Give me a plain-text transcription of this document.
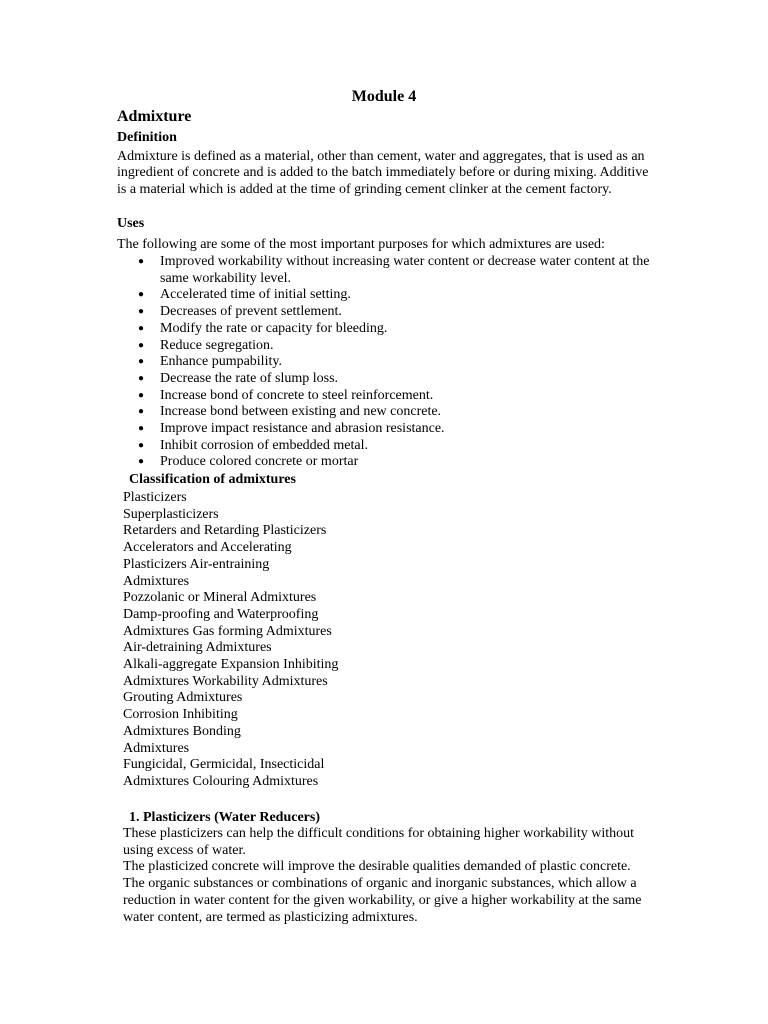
Module 4
Admixture
Definition

Admixture is defined as a material, other than cement, water and aggregates, that is used as an ingredient of concrete and is added to the batch immediately before or during mixing. Additive is a material which is added at the time of grinding cement clinker at the cement factory.

Uses

The following are some of the most important purposes for which admixtures are used:

● Improved workability without increasing water content or decrease water content at the same workability level.
● Accelerated time of initial setting.
● Decreases of prevent settlement.
● Modify the rate or capacity for bleeding.
● Reduce segregation.
● Enhance pumpability.
● Decrease the rate of slump loss.
● Increase bond of concrete to steel reinforcement.
● Increase bond between existing and new concrete.
● Improve impact resistance and abrasion resistance.
● Inhibit corrosion of embedded metal.
● Produce colored concrete or mortar
Classification of admixtures
Plasticizers
Superplasticizers
Retarders and Retarding Plasticizers
Accelerators and Accelerating
Plasticizers Air-entraining
Admixtures
Pozzolanic or Mineral Admixtures
Damp-proofing and Waterproofing
Admixtures Gas forming Admixtures
Air-detraining Admixtures
Alkali-aggregate Expansion Inhibiting
Admixtures Workability Admixtures
Grouting Admixtures
Corrosion Inhibiting
Admixtures Bonding
Admixtures
Fungicidal, Germicidal, Insecticidal
Admixtures Colouring Admixtures
1. Plasticizers (Water Reducers)

These plasticizers can help the difficult conditions for obtaining higher workability without using excess of water.

The plasticized concrete will improve the desirable qualities demanded of plastic concrete.

The organic substances or combinations of organic and inorganic substances, which allow a reduction in water content for the given workability, or give a higher workability at the same water content, are termed as plasticizing admixtures.
